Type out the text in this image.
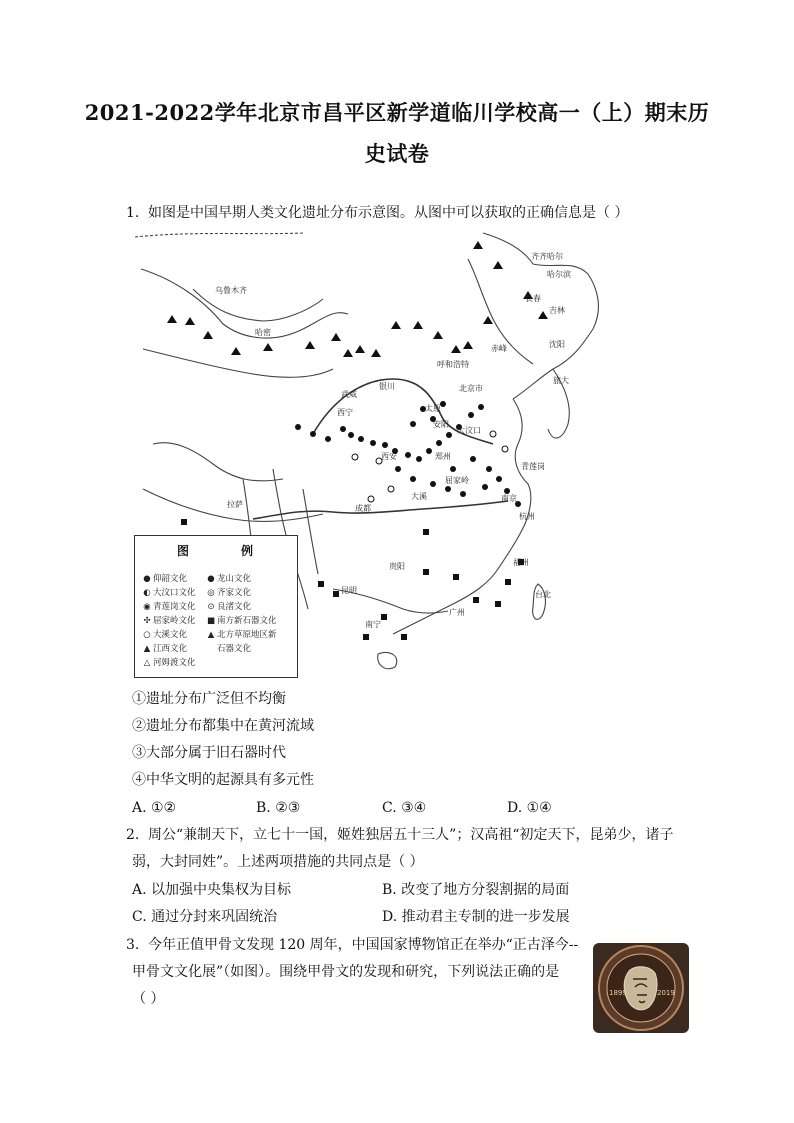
2021-2022学年北京市昌平区新学道临川学校高一（上）期末历
史试卷
1. 如图是中国早期人类文化遗址分布示意图。从图中可以获取的正确信息是（ ）
乌鲁木齐
哈密
武威
西宁
银川
呼和浩特
北京市
太原
安阳
大汶口
西安	郑州
屈家岭
大溪
成都
拉萨
贵阳
昆明
南宁
广州
福州
台北
杭州
南京
青莲岗
沈阳
长春
吉林
哈尔滨
齐齐哈尔
赤峰
旅大
图	例
● 仰韶文化
◐ 大汶口文化
◉ 青莲岗文化
✣ 屈家岭文化
○ 大溪文化
▲ 江西文化
△ 河姆渡文化
● 龙山文化
◎ 齐家文化
⊙ 良渚文化
■ 南方新石器文化
▲ 北方草原地区新
石器文化
①遗址分布广泛但不均衡
②遗址分布都集中在黄河流域
③大部分属于旧石器时代
④中华文明的起源具有多元性
A. ①②	B. ②③	C. ③④	D. ①④
2. 周公“兼制天下，立七十一国，姬姓独居五十三人”；汉高祖“初定天下，昆弟少，诸子
弱，大封同姓”。上述两项措施的共同点是（ ）
A. 以加强中央集权为目标	B. 改变了地方分裂割据的局面
C. 通过分封来巩固统治	D. 推动君主专制的进一步发展
3. 今年正值甲骨文发现 120 周年，中国国家博物馆正在举办“正古泽今--
甲骨文文化展”（如图）。围绕甲骨文的发现和研究，下列说法正确的是
（ ）	1899	2019
